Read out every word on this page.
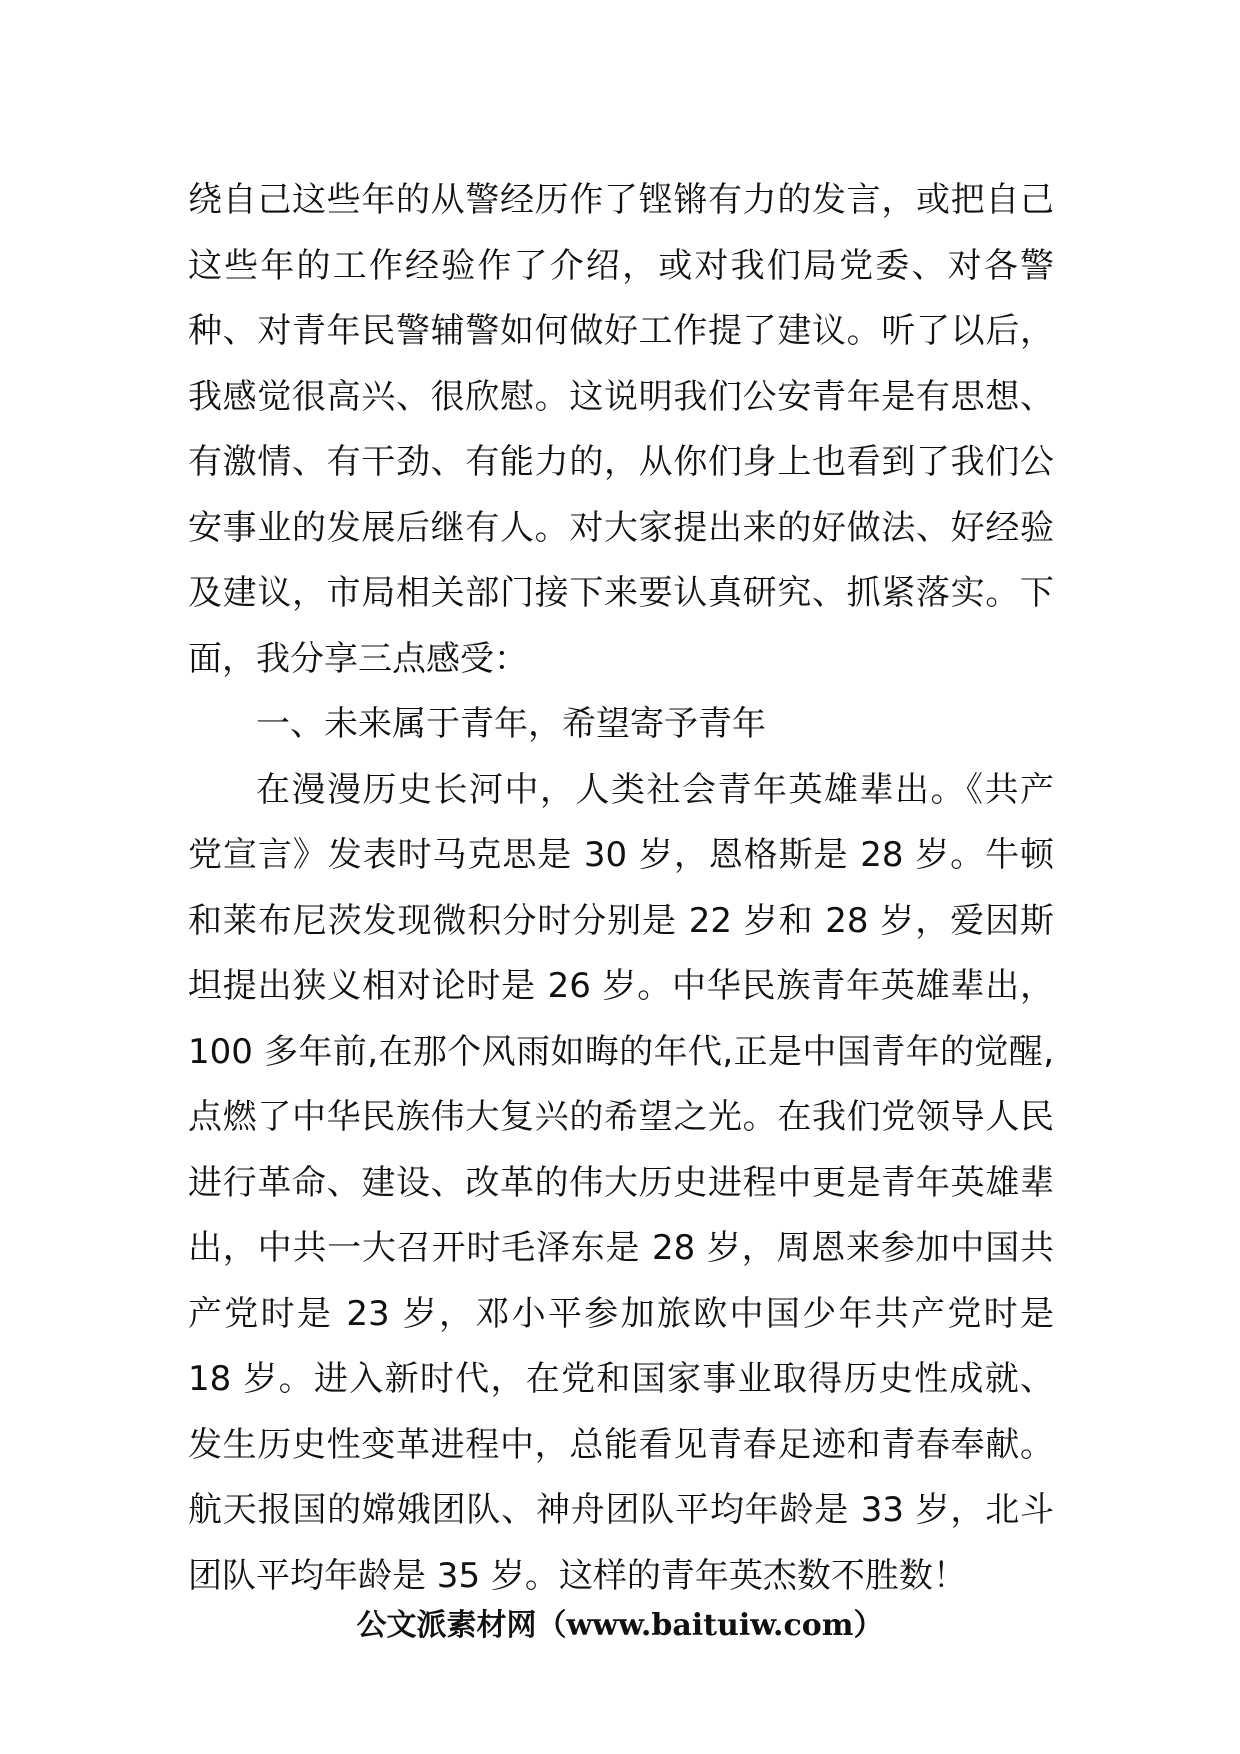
绕自己这些年的从警经历作了铿锵有力的发言，或把自己这些年的工作经验作了介绍，或对我们局党委、对各警种、对青年民警辅警如何做好工作提了建议。听了以后，我感觉很高兴、很欣慰。这说明我们公安青年是有思想、有激情、有干劲、有能力的，从你们身上也看到了我们公安事业的发展后继有人。对大家提出来的好做法、好经验及建议，市局相关部门接下来要认真研究、抓紧落实。下面，我分享三点感受：

一、未来属于青年，希望寄予青年

在漫漫历史长河中，人类社会青年英雄辈出。《共产党宣言》发表时马克思是 30 岁，恩格斯是 28 岁。牛顿和莱布尼茨发现微积分时分别是 22 岁和 28 岁，爱因斯坦提出狭义相对论时是 26 岁。中华民族青年英雄辈出，100 多年前,在那个风雨如晦的年代,正是中国青年的觉醒,点燃了中华民族伟大复兴的希望之光。在我们党领导人民进行革命、建设、改革的伟大历史进程中更是青年英雄辈出，中共一大召开时毛泽东是 28 岁，周恩来参加中国共产党时是 23 岁，邓小平参加旅欧中国少年共产党时是 18 岁。进入新时代，在党和国家事业取得历史性成就、发生历史性变革进程中，总能看见青春足迹和青春奉献。航天报国的嫦娥团队、神舟团队平均年龄是 33 岁，北斗团队平均年龄是 35 岁。这样的青年英杰数不胜数！

公文派素材网（www.baituiw.com）
